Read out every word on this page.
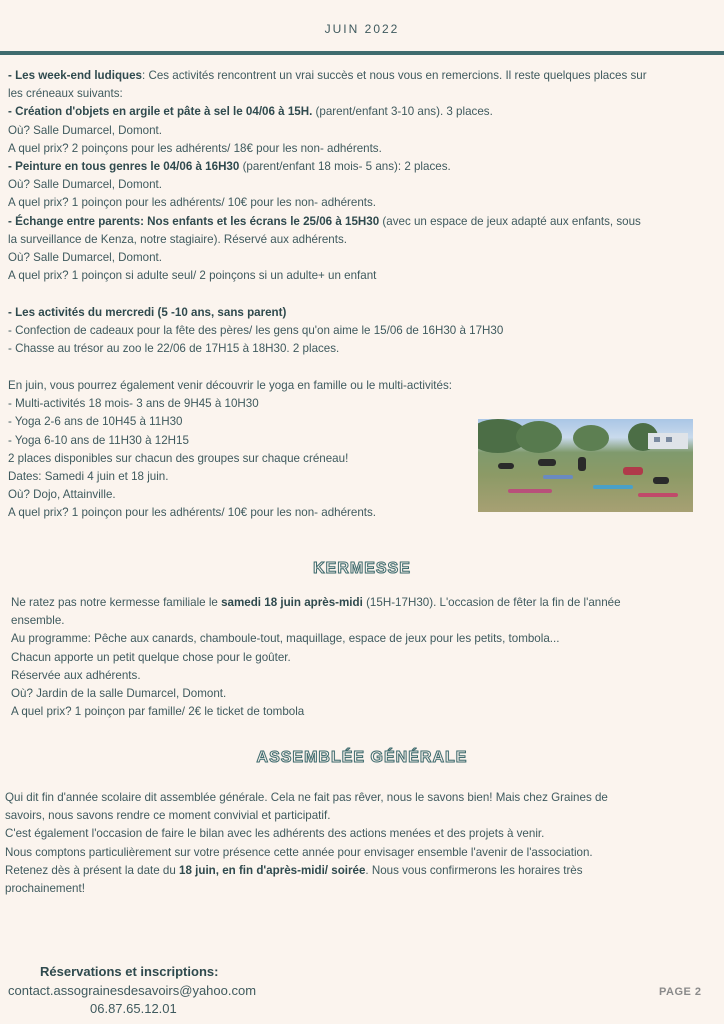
JUIN 2022

- Les week-end ludiques: Ces activités rencontrent un vrai succès et nous vous en remercions. Il reste quelques places sur

les créneaux suivants:

- Création d'objets en argile et pâte à sel le 04/06 à 15H. (parent/enfant 3-10 ans). 3 places.

Où? Salle Dumarcel, Domont.

A quel prix? 2 poinçons pour les adhérents/ 18€ pour les non- adhérents.

- Peinture en tous genres le 04/06 à 16H30 (parent/enfant 18 mois- 5 ans): 2 places.

Où? Salle Dumarcel, Domont.

A quel prix? 1 poinçon pour les adhérents/ 10€ pour les non- adhérents.

- Échange entre parents: Nos enfants et les écrans le 25/06 à 15H30 (avec un espace de jeux adapté aux enfants, sous

la surveillance de Kenza, notre stagiaire). Réservé aux adhérents.

Où? Salle Dumarcel, Domont.

A quel prix? 1 poinçon si adulte seul/ 2 poinçons si un adulte+ un enfant

- Les activités du mercredi (5 -10 ans, sans parent)

- Confection de cadeaux pour la fête des pères/ les gens qu'on aime le 15/06 de 16H30 à 17H30

- Chasse au trésor au zoo le 22/06 de 17H15 à 18H30. 2 places.

En juin, vous pourrez également venir découvrir le yoga en famille ou le multi-activités:

- Multi-activités 18 mois- 3 ans de 9H45 à 10H30

- Yoga 2-6 ans de 10H45 à 11H30

- Yoga 6-10 ans de 11H30 à 12H15

2 places disponibles sur chacun des groupes sur chaque créneau!

Dates: Samedi 4 juin et 18 juin.

Où? Dojo, Attainville.

A quel prix? 1 poinçon pour les adhérents/ 10€ pour les non- adhérents.

KERMESSE

Ne ratez pas notre kermesse familiale le samedi 18 juin après-midi (15H-17H30). L'occasion de fêter la fin de l'année

ensemble.

Au programme: Pêche aux canards, chamboule-tout, maquillage, espace de jeux pour les petits, tombola...

Chacun apporte un petit quelque chose pour le goûter.

Réservée aux adhérents.

Où? Jardin de la salle Dumarcel, Domont.

A quel prix? 1 poinçon par famille/ 2€ le ticket de tombola

ASSEMBLÉE GÉNÉRALE

Qui dit fin d'année scolaire dit assemblée générale. Cela ne fait pas rêver, nous le savons bien! Mais chez Graines de

savoirs, nous savons rendre ce moment convivial et participatif.

C'est également l'occasion de faire le bilan avec les adhérents des actions menées et des projets à venir.

Nous comptons particulièrement sur votre présence cette année pour envisager ensemble l'avenir de l'association.

Retenez dès à présent la date du 18 juin, en fin d'après-midi/ soirée. Nous vous confirmerons les horaires très

prochainement!

Réservations et inscriptions:
contact.assograinesdesavoirs@yahoo.com
06.87.65.12.01
PAGE 2
